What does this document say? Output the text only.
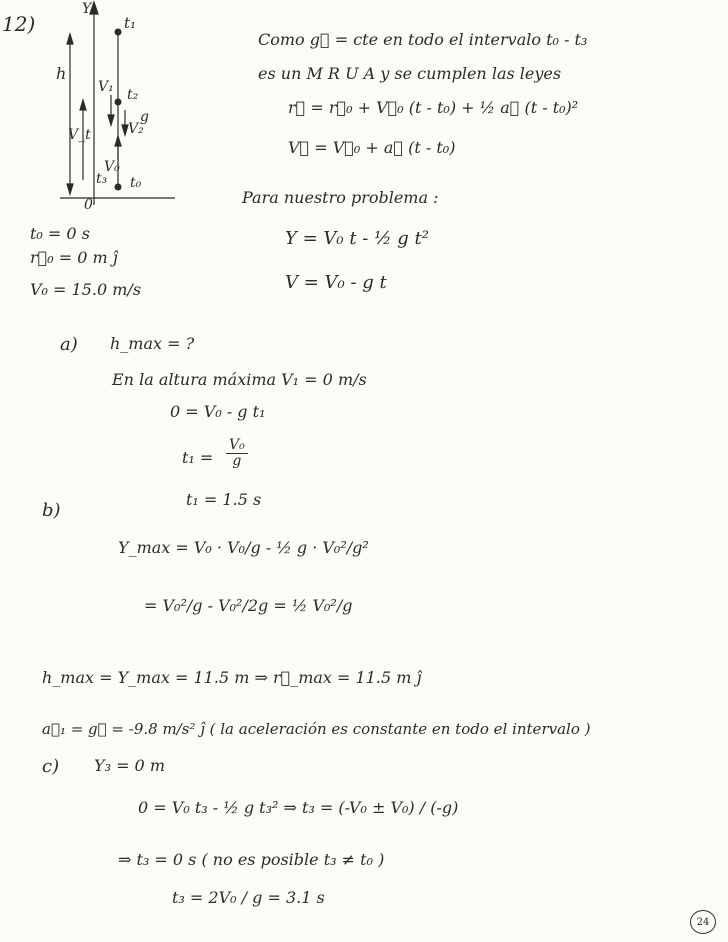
12)
Y
t₁
h
t₂
g
V₁
V₂
V_t
t₃
V₀
t₀
0
Como g⃗ = cte en todo el intervalo t₀ - t₃
es un M R U A y se cumplen las leyes
r⃗ = r⃗₀ + V⃗₀ (t - t₀) + ½ a⃗ (t - t₀)²
V⃗ = V⃗₀ + a⃗ (t - t₀)
t₀ = 0 s
r⃗₀ = 0 m ĵ
V₀ = 15.0 m/s
Para nuestro problema :
Y = V₀ t - ½ g t²
V = V₀ - g t
a) h_max = ?
En la altura máxima V₁ = 0 m/s
0 = V₀ - g t₁
$t_1 = \frac{\text{V₀}}{g}$
t₁ = 1.5 s
b)
Y_max = V₀ · V₀/g - ½ g · V₀²/g²
= V₀²/g - V₀²/2g = ½ V₀²/g
h_max = Y_max = 11.5 m ⇒ r⃗_max = 11.5 m ĵ
a⃗₁ = g⃗ = -9.8 m/s² ĵ ( la aceleración es constante en todo el intervalo )
c) Y₃ = 0 m
0 = V₀ t₃ - ½ g t₃² ⇒ t₃ = (-V₀ ± V₀) / (-g)
⇒ t₃ = 0 s ( no es posible t₃ ≠ t₀ )
t₃ = 2V₀ / g = 3.1 s
24
